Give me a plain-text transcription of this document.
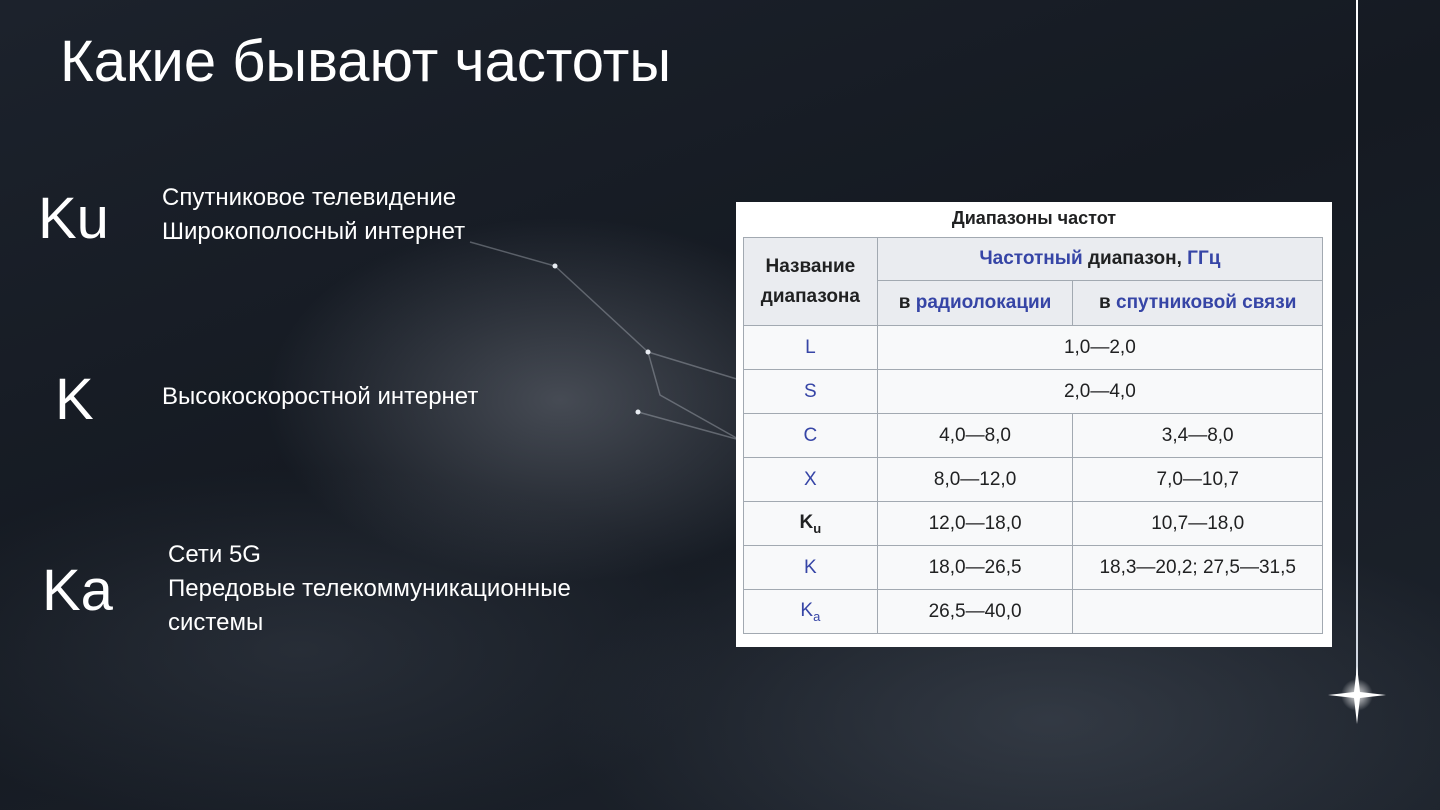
Какие бывают частоты
Ku Спутниковое телевидение
Широкополосный интернет
K	Высокоскоростной интернет
Ka
Сети 5G
Передовые телекоммуникационные
системы
Диапазоны частот
Название
диапазона	Частотный диапазон, ГГц	
	в радиолокации	в спутниковой связи
L	1,0—2,0	
S	2,0—4,0	
C	4,0—8,0	3,4—8,0
X	8,0—12,0	7,0—10,7
$K_u$	12,0—18,0	10,7—18,0
K	18,0—26,5	18,3—20,2; 27,5—31,5
$K_a$	26,5—40,0	
